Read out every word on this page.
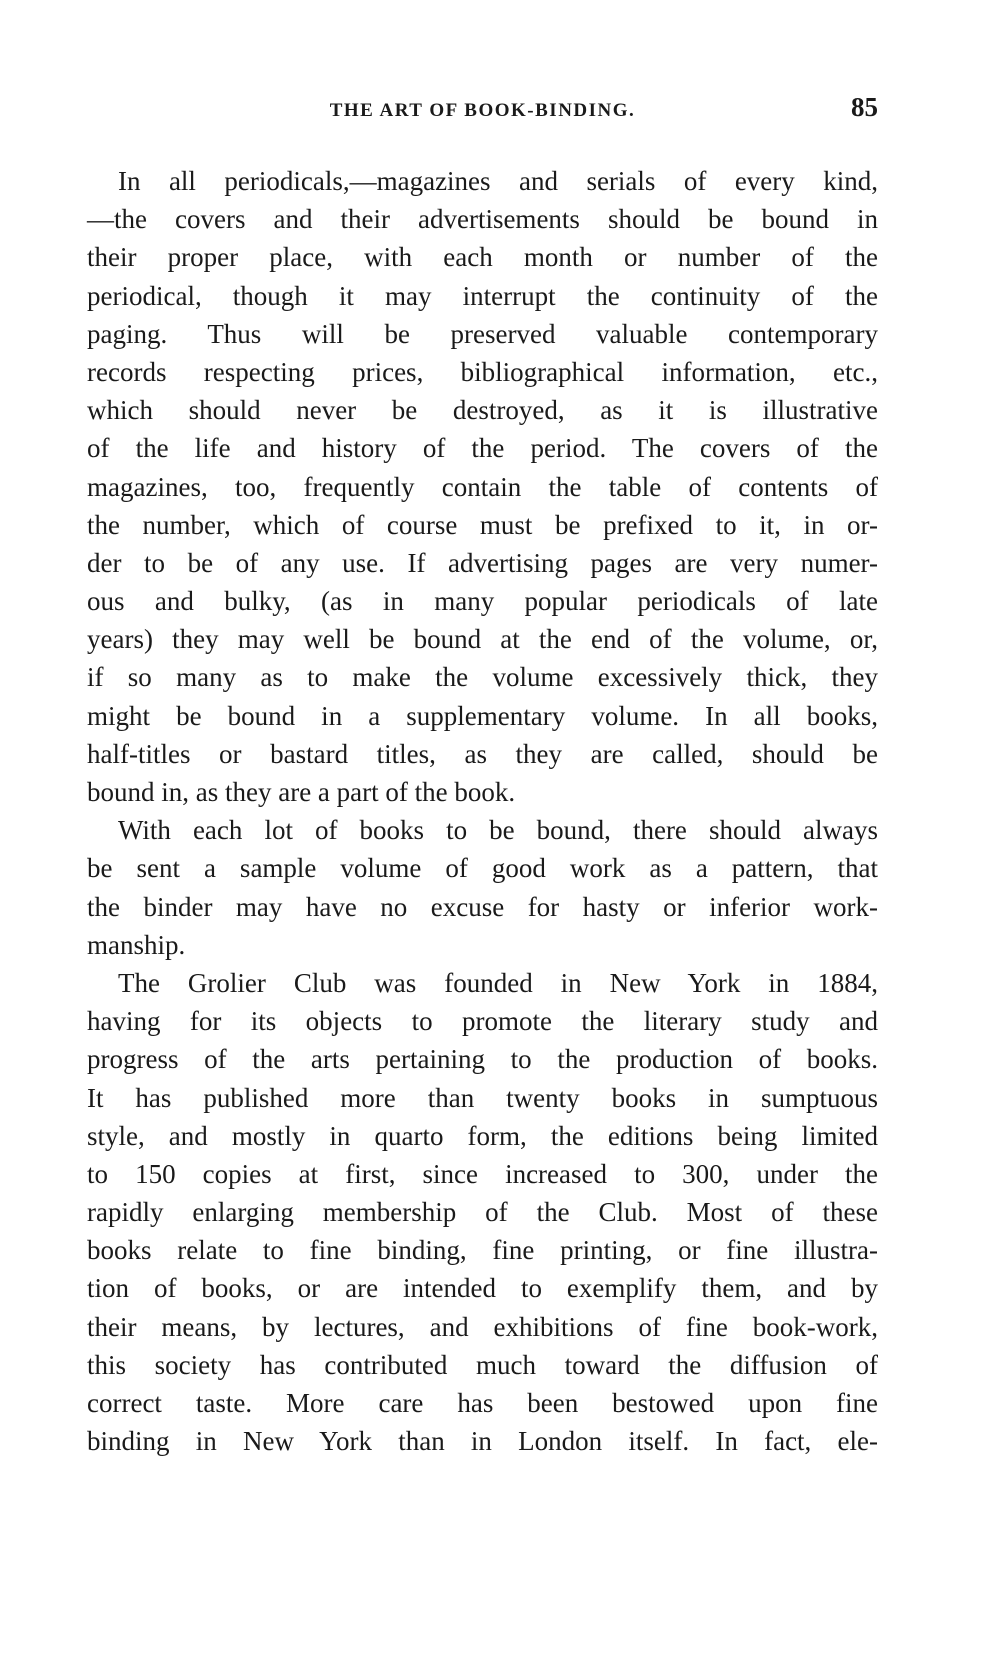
THE ART OF BOOK-BINDING.	85
In all periodicals,—magazines and serials of every kind,
—the covers and their advertisements should be bound in
their proper place, with each month or number of the
periodical, though it may interrupt the continuity of the
paging. Thus will be preserved valuable contemporary
records respecting prices, bibliographical information, etc.,
which should never be destroyed, as it is illustrative
of the life and history of the period. The covers of the
magazines, too, frequently contain the table of contents of
the number, which of course must be prefixed to it, in or-
der to be of any use. If advertising pages are very numer-
ous and bulky, (as in many popular periodicals of late
years) they may well be bound at the end of the volume, or,
if so many as to make the volume excessively thick, they
might be bound in a supplementary volume. In all books,
half-titles or bastard titles, as they are called, should be
bound in, as they are a part of the book.
With each lot of books to be bound, there should always
be sent a sample volume of good work as a pattern, that
the binder may have no excuse for hasty or inferior work-
manship.
The Grolier Club was founded in New York in 1884,
having for its objects to promote the literary study and
progress of the arts pertaining to the production of books.
It has published more than twenty books in sumptuous
style, and mostly in quarto form, the editions being limited
to 150 copies at first, since increased to 300, under the
rapidly enlarging membership of the Club. Most of these
books relate to fine binding, fine printing, or fine illustra-
tion of books, or are intended to exemplify them, and by
their means, by lectures, and exhibitions of fine book-work,
this society has contributed much toward the diffusion of
correct taste. More care has been bestowed upon fine
binding in New York than in London itself. In fact, ele-
